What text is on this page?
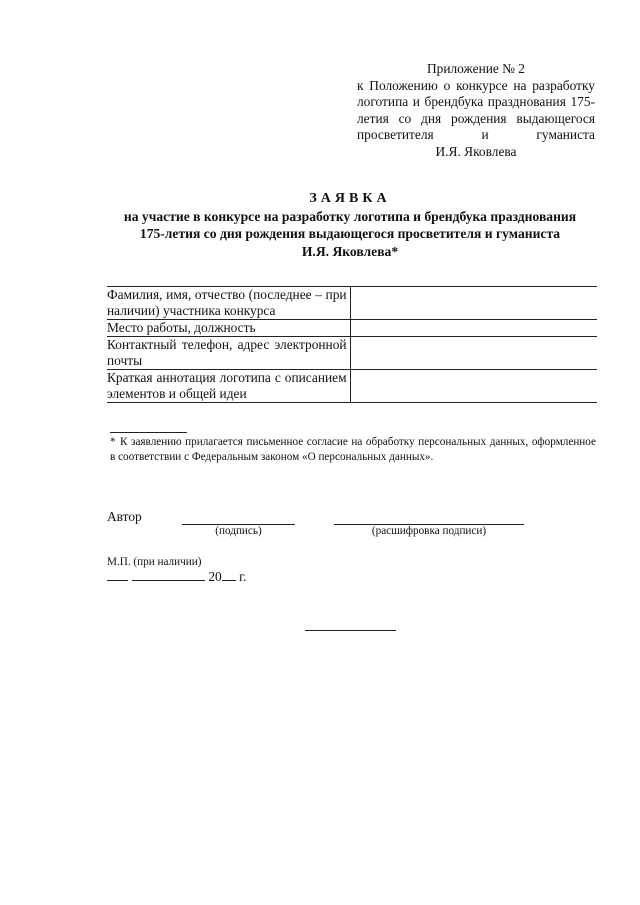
Приложение № 2
к Положению о конкурсе на разработку логотипа и брендбука празднования 175-летия со дня рождения выдающегося просветителя и гуманиста
И.Я. Яковлева
ЗАЯВКА
на участие в конкурсе на разработку логотипа и брендбука празднования
175-летия со дня рождения выдающегося просветителя и гуманиста
И.Я. Яковлева*
Фамилия, имя, отчество (последнее – при наличии) участника конкурса	
Место работы, должность	
Контактный телефон, адрес электронной почты	
Краткая аннотация логотипа с описанием элементов и общей идеи	
* К заявлению прилагается письменное согласие на обработку персональных данных, оформленное в соответствии с Федеральным законом «О персональных данных».
Автор
(подпись)	(расшифровка подписи)
М.П. (при наличии)
20 г.
